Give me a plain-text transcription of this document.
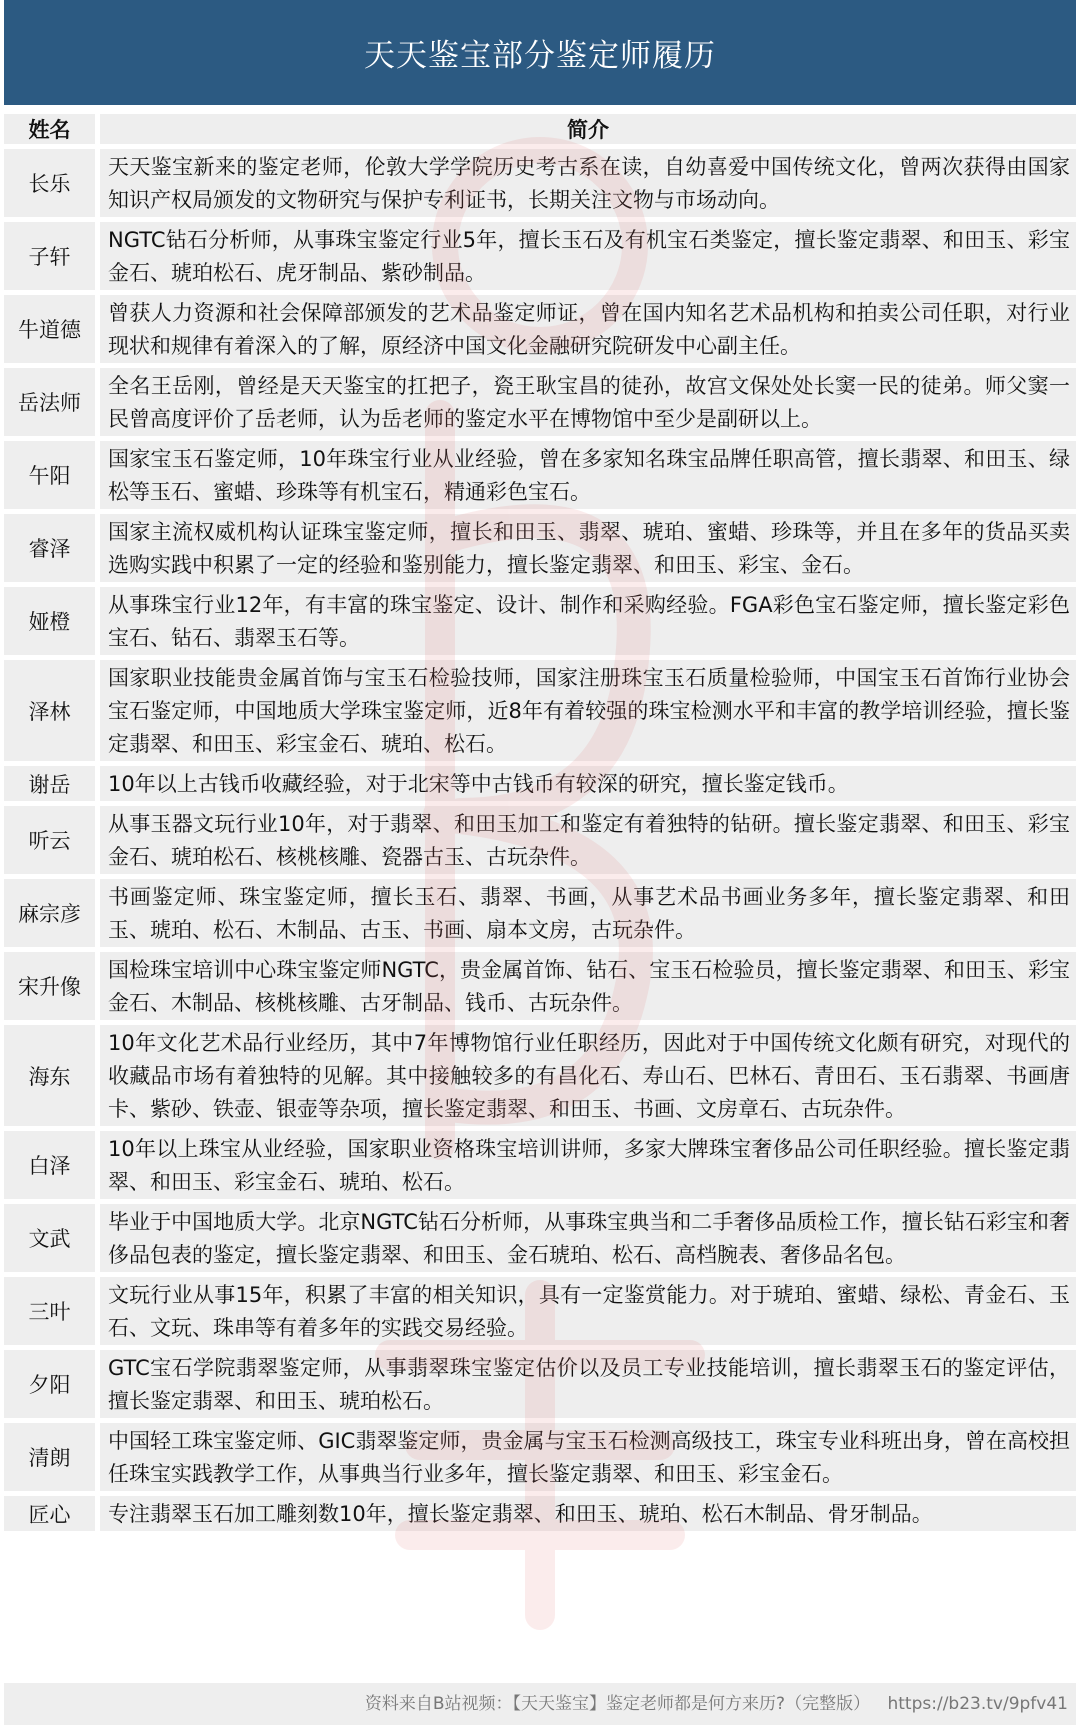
天天鉴宝部分鉴定师履历
姓名	简介
长乐	天天鉴宝新来的鉴定老师，伦敦大学学院历史考古系在读，自幼喜爱中国传统文化，曾两次获得由国家知识产权局颁发的文物研究与保护专利证书，长期关注文物与市场动向。
子轩	NGTC钻石分析师，从事珠宝鉴定行业5年，擅长玉石及有机宝石类鉴定，擅长鉴定翡翠、和田玉、彩宝金石、琥珀松石、虎牙制品、紫砂制品。
牛道德	曾获人力资源和社会保障部颁发的艺术品鉴定师证，曾在国内知名艺术品机构和拍卖公司任职，对行业现状和规律有着深入的了解，原经济中国文化金融研究院研发中心副主任。
岳法师	全名王岳刚，曾经是天天鉴宝的扛把子，瓷王耿宝昌的徒孙，故宫文保处处长窦一民的徒弟。师父窦一民曾高度评价了岳老师，认为岳老师的鉴定水平在博物馆中至少是副研以上。
午阳	国家宝玉石鉴定师，10年珠宝行业从业经验，曾在多家知名珠宝品牌任职高管，擅长翡翠、和田玉、绿松等玉石、蜜蜡、珍珠等有机宝石，精通彩色宝石。
睿泽	国家主流权威机构认证珠宝鉴定师，擅长和田玉、翡翠、琥珀、蜜蜡、珍珠等，并且在多年的货品买卖选购实践中积累了一定的经验和鉴别能力，擅长鉴定翡翠、和田玉、彩宝、金石。
娅橙	从事珠宝行业12年，有丰富的珠宝鉴定、设计、制作和采购经验。FGA彩色宝石鉴定师，擅长鉴定彩色宝石、钻石、翡翠玉石等。
泽林	国家职业技能贵金属首饰与宝玉石检验技师，国家注册珠宝玉石质量检验师，中国宝玉石首饰行业协会宝石鉴定师，中国地质大学珠宝鉴定师，近8年有着较强的珠宝检测水平和丰富的教学培训经验，擅长鉴定翡翠、和田玉、彩宝金石、琥珀、松石。
谢岳	10年以上古钱币收藏经验，对于北宋等中古钱币有较深的研究，擅长鉴定钱币。
听云	从事玉器文玩行业10年，对于翡翠、和田玉加工和鉴定有着独特的钻研。擅长鉴定翡翠、和田玉、彩宝金石、琥珀松石、核桃核雕、瓷器古玉、古玩杂件。
麻宗彦	书画鉴定师、珠宝鉴定师，擅长玉石、翡翠、书画，从事艺术品书画业务多年，擅长鉴定翡翠、和田玉、琥珀、松石、木制品、古玉、书画、扇本文房，古玩杂件。
宋升像	国检珠宝培训中心珠宝鉴定师NGTC，贵金属首饰、钻石、宝玉石检验员，擅长鉴定翡翠、和田玉、彩宝金石、木制品、核桃核雕、古牙制品、钱币、古玩杂件。
海东	10年文化艺术品行业经历，其中7年博物馆行业任职经历，因此对于中国传统文化颇有研究，对现代的收藏品市场有着独特的见解。其中接触较多的有昌化石、寿山石、巴林石、青田石、玉石翡翠、书画唐卡、紫砂、铁壶、银壶等杂项，擅长鉴定翡翠、和田玉、书画、文房章石、古玩杂件。
白泽	10年以上珠宝从业经验，国家职业资格珠宝培训讲师，多家大牌珠宝奢侈品公司任职经验。擅长鉴定翡翠、和田玉、彩宝金石、琥珀、松石。
文武	毕业于中国地质大学。北京NGTC钻石分析师，从事珠宝典当和二手奢侈品质检工作，擅长钻石彩宝和奢侈品包表的鉴定，擅长鉴定翡翠、和田玉、金石琥珀、松石、高档腕表、奢侈品名包。
三叶	文玩行业从事15年，积累了丰富的相关知识，具有一定鉴赏能力。对于琥珀、蜜蜡、绿松、青金石、玉石、文玩、珠串等有着多年的实践交易经验。
夕阳	GTC宝石学院翡翠鉴定师，从事翡翠珠宝鉴定估价以及员工专业技能培训，擅长翡翠玉石的鉴定评估，擅长鉴定翡翠、和田玉、琥珀松石。
清朗	中国轻工珠宝鉴定师、GIC翡翠鉴定师，贵金属与宝玉石检测高级技工，珠宝专业科班出身，曾在高校担任珠宝实践教学工作，从事典当行业多年，擅长鉴定翡翠、和田玉、彩宝金石。
匠心	专注翡翠玉石加工雕刻数10年，擅长鉴定翡翠、和田玉、琥珀、松石木制品、骨牙制品。
资料来自B站视频：【天天鉴宝】鉴定老师都是何方来历?（完整版） https://b23.tv/9pfv41
